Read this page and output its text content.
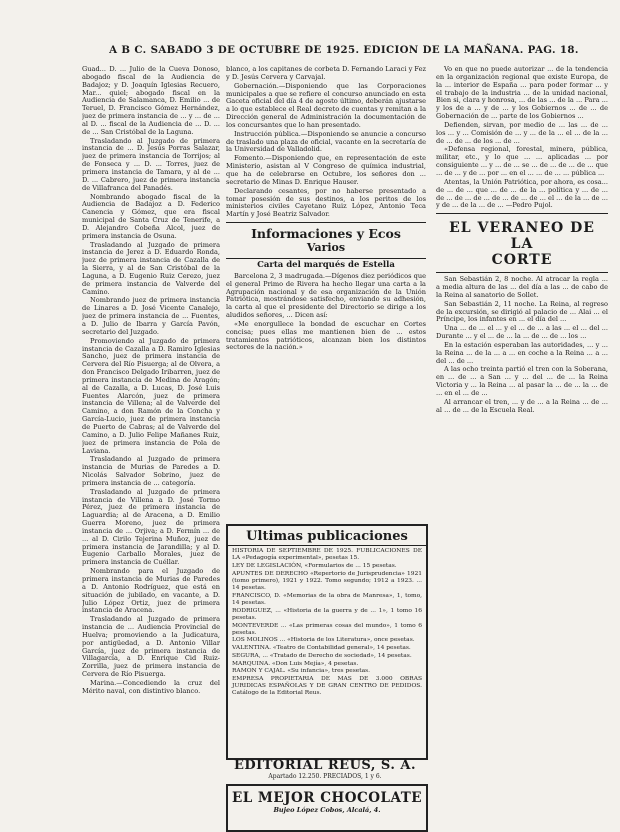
A B C. SABADO 3 DE OCTUBRE DE 1925. EDICION DE LA MAÑANA. PAG. 18.
Guad... D. ... Julio de la Cueva Donoso, abogado fiscal de la Audiencia de Badajoz; y D. Joaquín Iglesias Recuero, Mar... quiel; abogado fiscal en la Audiencia de Salamanca, D. Emilio ... de Teruel, D. Francisco Gómez Hernández, juez de primera instancia de ... y ... de ... al D. ... fiscal de la Audiencia de ... D. ... de ... San Cristóbal de la Laguna.
Trasladando al Juzgado de primera instancia de ... D. Jesús Porras Salazar, juez de primera instancia de Torrijos; al de Fonseca y ... D. ... Torres, juez de primera instancia de Tamara, y al de ... D. ... Cabrero, juez de primera instancia de Villafranca del Panadés.
Nombrando abogado fiscal de la Audiencia de Badajoz a D. Federico Canencia y Gómez, que era fiscal municipal de Santa Cruz de Tenerife, a D. Alejandro Cobeña Alcol, juez de primera instancia de Osuna.
Trasladando al Juzgado de primera instancia de Jerez a D. Eduardo Ronda, juez de primera instancia de Cazalla de la Sierra, y al de San Cristóbal de la Laguna, a D. Eugenio Ruiz Cerezo, juez de primera instancia de Valverde del Camino.
Nombrando juez de primera instancia de Linares a D. José Vicente Canalejo, juez de primera instancia de ... Fuentes, a D. Julio de Ibarra y García Pavón, secretario del Juzgado.
Promoviendo al Juzgado de primera instancia de Cazalla a D. Ramiro Iglesias Sancho, juez de primera instancia de Cervera del Río Pisuerga; al de Olvera, a don Francisco Delgado Iribarren, juez de primera instancia de Medina de Aragón; al de Cazalla, a D. Lucas, D. José Luis Fuentes Alarcón, juez de primera instancia de Villena; al de Valverde del Camino, a don Ramón de la Concha y García-Lucio, juez de primera instancia de Puerto de Cabras; al de Valverde del Camino, a D. Julio Felipe Mañanes Ruiz, juez de primera instancia de Pola de Laviana.
Trasladando al Juzgado de primera instancia de Murias de Paredes a D. Nicolás Salvador Sobrino, juez de primera instancia de ... categoría.
Trasladando al Juzgado de primera instancia de Villena a D. José Tormo Pérez, juez de primera instancia de Laguardia; al de Aracena, a D. Emilio Guerra Moreno, juez de primera instancia de ... Orjiva; a D. Fermín ... de ... al D. Cirilo Tejerina Muñoz, juez de primera instancia de Jarandilla; y al D. Eugenio Carballo Morales, juez de primera instancia de Cuéllar.
Nombrando para el Juzgado de primera instancia de Murias de Paredes a D. Antonio Rodríguez, que está en situación de jubilado, en vacante, a D. Julio López Ortiz, juez de primera instancia de Aracena.
Trasladando al Juzgado de primera instancia de ... Audiencia Provincial de Huelva; promoviendo a la Judicatura, por antigüedad, a D. Antonio Villar García, juez de primera instancia de Villagarcía, a D. Enrique Cid Ruiz-Zorrilla, juez de primera instancia de Cervera de Río Pisuerga.
Marina.—Concediendo la cruz del Mérito naval, con distintivo blanco.
blanco, a los capitanes de corbeta D. Fernando Laraci y Fez y D. Jesús Cervera y Carvajal.
Gobernación.—Disponiendo que las Corporaciones municipales a que se refiere el concurso anunciado en esta Gaceta oficial del día 4 de agosto último, deberán ajustarse a lo que establece el Real decreto de cuentas y remitan a la Dirección general de Administración la documentación de los concursantes que lo han presentado.
Instrucción pública.—Disponiendo se anuncie a concurso de traslado una plaza de oficial, vacante en la secretaría de la Universidad de Valladolid.
Fomento.—Disponiendo que, en representación de este Ministerio, asistan al V Congreso de química industrial, que ha de celebrarse en Octubre, los señores don ... secretario de Minas D. Enrique Hauser.
Declarando cesantes, por no haberse presentado a tomar posesión de sus destinos, a los peritos de los ministerios civiles Cayetano Ruiz López, Antonio Teca Martín y José Beatriz Salvador.
Informaciones y Ecos
Varios
Carta del marqués de Estella
Barcelona 2, 3 madrugada.—Dígenos diez periódicos que el general Primo de Rivera ha hecho llegar una carta a la Agrupación nacional y de esa organización de la Unión Patriótica, mostrándose satisfecho, enviando su adhesión, la carta al que el presidente del Directorio se dirige a los aludidos señores, ... Dicen así:
«Me enorgullece la bondad de escuchar en Cortes concisa; pues ellas me mantienen bien de ... estos tratamientos patrióticos, alcanzan bien los distintos sectores de la nación.»
Ultimas publicaciones
HISTORIA DE SEPTIEMBRE DE 1925. FUBLICACIONES DE LA «Pedagogía experimental», pesetas 15.
LEY DE LEGISLACIÓN, «Formularios de ... 15 pesetas.
APUNTES DE DERECHO «Repertorio de Jurisprudencia» 1921 (tomo primero), 1921 y 1922. Tomo segundo; 1912 a 1923. ... 14 pesetas.
FRANCISCO, D. «Memorias de la obra de Manresa», 1, tomo, 14 pesetas.
RODRIGUEZ, ... «Historia de la guerra y de ... 1», 1 tomo 16 pesetas.
MONTEVERDE ... «Las primeras cosas del mundo», 1 tomo 6 pesetas.
LOS MOLINOS ... «Historia de los Literatura», once pesetas.
VALENTINA. «Teatro de Contabilidad general», 14 pesetas.
SEGURA, ... «Tratado de Derecho de sociedad», 14 pesetas.
MARQUINA. «Don Luis Mejía», 4 pesetas.
RAMON Y CAJAL. «Su infancia», tres pesetas.
EMPRESA PROPIETARIA DE MAS DE 3.000 OBRAS JURIDICAS ESPAÑOLAS Y DE GRAN CENTRO DE PEDIDOS. Catálogo de la Editorial Reus.
EDITORIAL REUS, S. A.
Apartado 12.250. PRECIADOS, 1 y 6.
EL MEJOR CHOCOLATE
Bujeo López Cobos, Alcalá, 4.
Vo en que no puede autorizar ... de la tendencia en la organización regional que existe Europa, de la ... interior de España ... para poder formar ... y el trabajo de la industria ... de la unidad nacional, Bien si, clara y honrosa, ... de las ... de la ... Para ... y los de a ... y de ... y los Gobiernos ... de ... de Gobernación de ... parte de los Gobiernos ...
Defienden, sirvan, por medio de ... las ... de ... los ... y ... Comisión de ... y ... de la ... el ... de la ... de ... de ... de los ... de ...
«Defensa regional, forestal, minera, pública, militar, etc., y lo que ... ... aplicadas ... por consiguiente ... y ... de ... se ... de ... de ... de ... que ... de ... y de ... por ... en el ... ... de ... ... pública ...
Atentas, la Unión Patriótica, por ahora, es cosa... de ... de ... que ... de ... de la ... política y ... de ... de ... de ... de ... de ... de ... de ... el ... de la ... de ... y de ... de la ... de ... —Pedro Pujol.
EL VERANEO DE LA
CORTE
San Sebastián 2, 8 noche. Al atracar la regla ... a media altura de las ... del día a las ... de cabo de la Reina al sanatorio de Sollet.
San Sebastián 2, 11 noche. La Reina, al regreso de la excursión, se dirigió al palacio de ... Alai ... el Príncipe, los infantes en ... el día del ...
Una ... de ... el ... y el ... de ... a las ... el ... del ... Durante ... y el ... de ... la ... de ... de ... los ...
En la estación esperaban las autoridades, ... y ... la Reina ... de la ... a ... en coche a la Reina ... a ... del ... de ...
A las ocho treinta partió el tren con la Soberana, en ... de ... a San ... y ... del ... de ... la Reina Victoria y ... la Reina ... al pasar la ... de ... la ... de ... en el ... de ...
Al arrancar el tren, ... y de ... a la Reina ... de ... al ... de ... de la Escuela Real.
